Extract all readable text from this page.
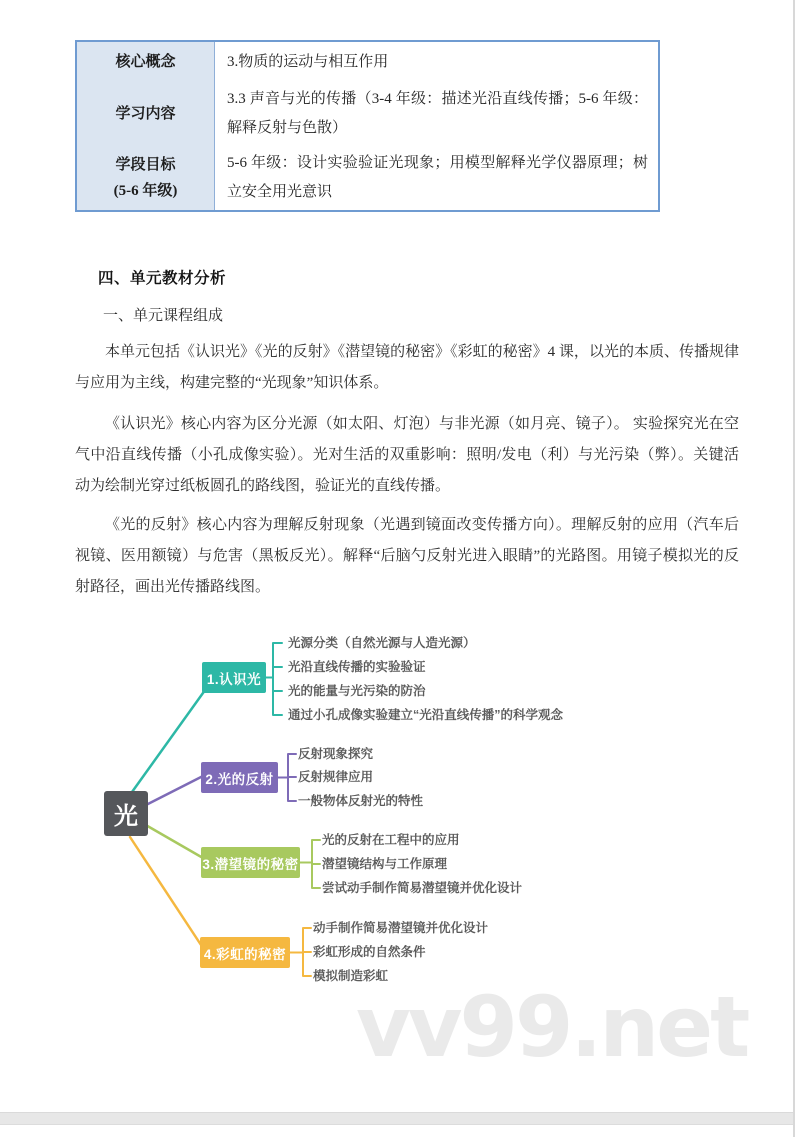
核心概念	3.物质的运动与相互作用
学习内容
3.3 声音与光的传播（3-4 年级：描述光沿直线传播；5-6 年级：解释反射与色散）
学段目标
(5-6 年级)
5-6 年级：设计实验验证光现象；用模型解释光学仪器原理；树立安全用光意识
四、单元教材分析
一、单元课程组成
本单元包括《认识光》《光的反射》《潜望镜的秘密》《彩虹的秘密》4 课，以光的本质、传播规律与应用为主线，构建完整的“光现象”知识体系。
《认识光》核心内容为区分光源（如太阳、灯泡）与非光源（如月亮、镜子）。 实验探究光在空气中沿直线传播（小孔成像实验）。光对生活的双重影响：照明/发电（利）与光污染（弊）。关键活动为绘制光穿过纸板圆孔的路线图，验证光的直线传播。
《光的反射》核心内容为理解反射现象（光遇到镜面改变传播方向）。理解反射的应用（汽车后视镜、医用额镜）与危害（黑板反光）。解释“后脑勺反射光进入眼睛”的光路图。用镜子模拟光的反射路径，画出光传播路线图。
光
1.认识光
2.光的反射
3.潜望镜的秘密
4.彩虹的秘密
光源分类（自然光源与人造光源）
光沿直线传播的实验验证
光的能量与光污染的防治
通过小孔成像实验建立“光沿直线传播”的科学观念
反射现象探究
反射规律应用
一般物体反射光的特性
光的反射在工程中的应用
潜望镜结构与工作原理
尝试动手制作简易潜望镜并优化设计
动手制作简易潜望镜并优化设计
彩虹形成的自然条件
模拟制造彩虹
vv99.net
